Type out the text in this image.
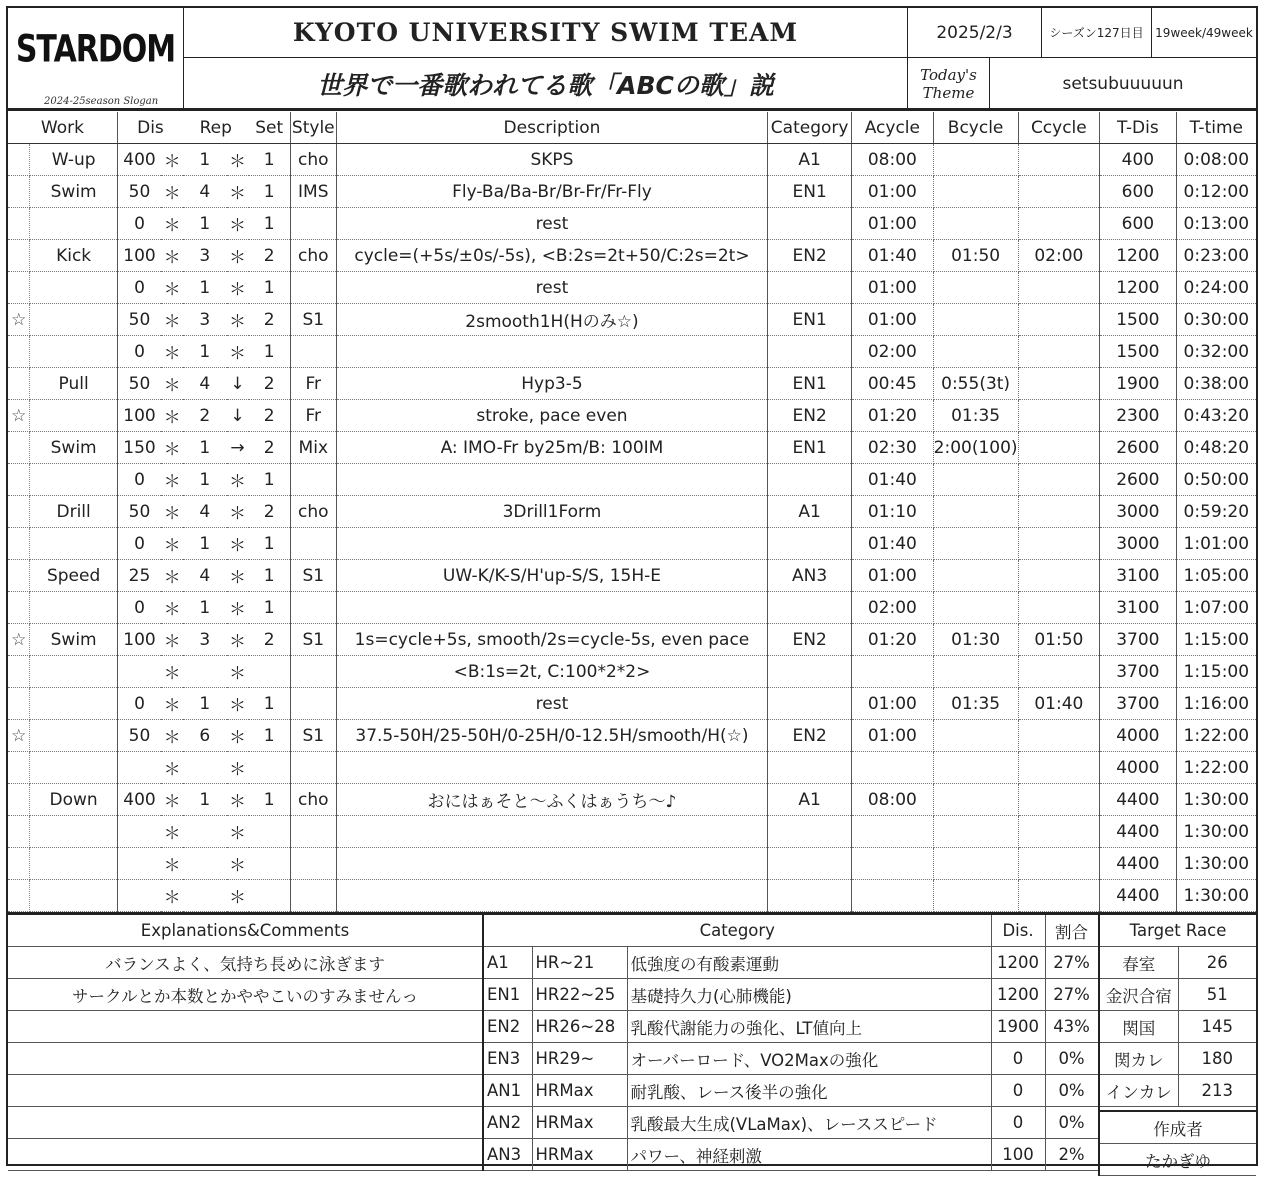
STARDOM
2024-25season Slogan
KYOTO UNIVERSITY SWIM TEAM	2025/2/3	シーズン127日目 19week/49week
世界で一番歌われてる歌「ABCの歌」説	Today's
Theme	setsubuuuuun
Work		Dis		Rep		Set	Style	Description	Category	Acycle	Bcycle	Ccycle	T-Dis	T-time
	W-up	400	＊	1	＊	1	cho	SKPS	A1	08:00			400	0:08:00
	Swim	50	＊	4	＊	1	IMS	Fly-Ba/Ba-Br/Br-Fr/Fr-Fly	EN1	01:00			600	0:12:00
		0	＊	1	＊	1		rest		01:00			600	0:13:00
	Kick	100	＊	3	＊	2	cho	cycle=(+5s/±0s/-5s), <B:2s=2t+50/C:2s=2t>	EN2	01:40	01:50	02:00	1200	0:23:00
		0	＊	1	＊	1		rest		01:00			1200	0:24:00
☆		50	＊	3	＊	2	S1	2smooth1H(Hのみ☆)	EN1	01:00			1500	0:30:00
		0	＊	1	＊	1				02:00			1500	0:32:00
	Pull	50	＊	4	↓	2	Fr	Hyp3-5	EN1	00:45	0:55(3t)		1900	0:38:00
☆		100	＊	2	↓	2	Fr	stroke, pace even	EN2	01:20	01:35		2300	0:43:20
	Swim	150	＊	1	→	2	Mix	A: IMO-Fr by25m/B: 100IM	EN1	02:30	2:00(100)		2600	0:48:20
		0	＊	1	＊	1				01:40			2600	0:50:00
	Drill	50	＊	4	＊	2	cho	3Drill1Form	A1	01:10			3000	0:59:20
		0	＊	1	＊	1				01:40			3000	1:01:00
	Speed	25	＊	4	＊	1	S1	UW-K/K-S/H'up-S/S, 15H-E	AN3	01:00			3100	1:05:00
		0	＊	1	＊	1				02:00			3100	1:07:00
☆	Swim	100	＊	3	＊	2	S1	1s=cycle+5s, smooth/2s=cycle-5s, even pace	EN2	01:20	01:30	01:50	3700	1:15:00
			＊		＊			<B:1s=2t, C:100*2*2>					3700	1:15:00
		0	＊	1	＊	1		rest		01:00	01:35	01:40	3700	1:16:00
☆		50	＊	6	＊	1	S1	37.5-50H/25-50H/0-25H/0-12.5H/smooth/H(☆)	EN2	01:00			4000	1:22:00
			＊		＊								4000	1:22:00
	Down	400	＊	1	＊	1	cho	おにはぁそと～ふくはぁうち～♪	A1	08:00			4400	1:30:00
			＊		＊								4400	1:30:00
			＊		＊								4400	1:30:00
			＊		＊								4400	1:30:00
Explanations&Comments
バランスよく、気持ち長めに泳ぎます
サークルとか本数とかややこいのすみませんっ

Category			Dis.	割合
A1	HR~21	低強度の有酸素運動	1200	27%
EN1	HR22~25	基礎持久力(心肺機能)	1200	27%
EN2	HR26~28	乳酸代謝能力の強化、LT値向上	1900	43%
EN3	HR29~	オーバーロード、VO2Maxの強化	0	0%
AN1	HRMax	耐乳酸、レース後半の強化	0	0%
AN2	HRMax	乳酸最大生成(VLaMax)、レーススピード	0	0%
AN3	HRMax	パワー、神経刺激	100	2%
Target Race	
春室	26
金沢合宿	51
関国	145
関カレ	180
インカレ	213

作成者	
たかぎゆ	
